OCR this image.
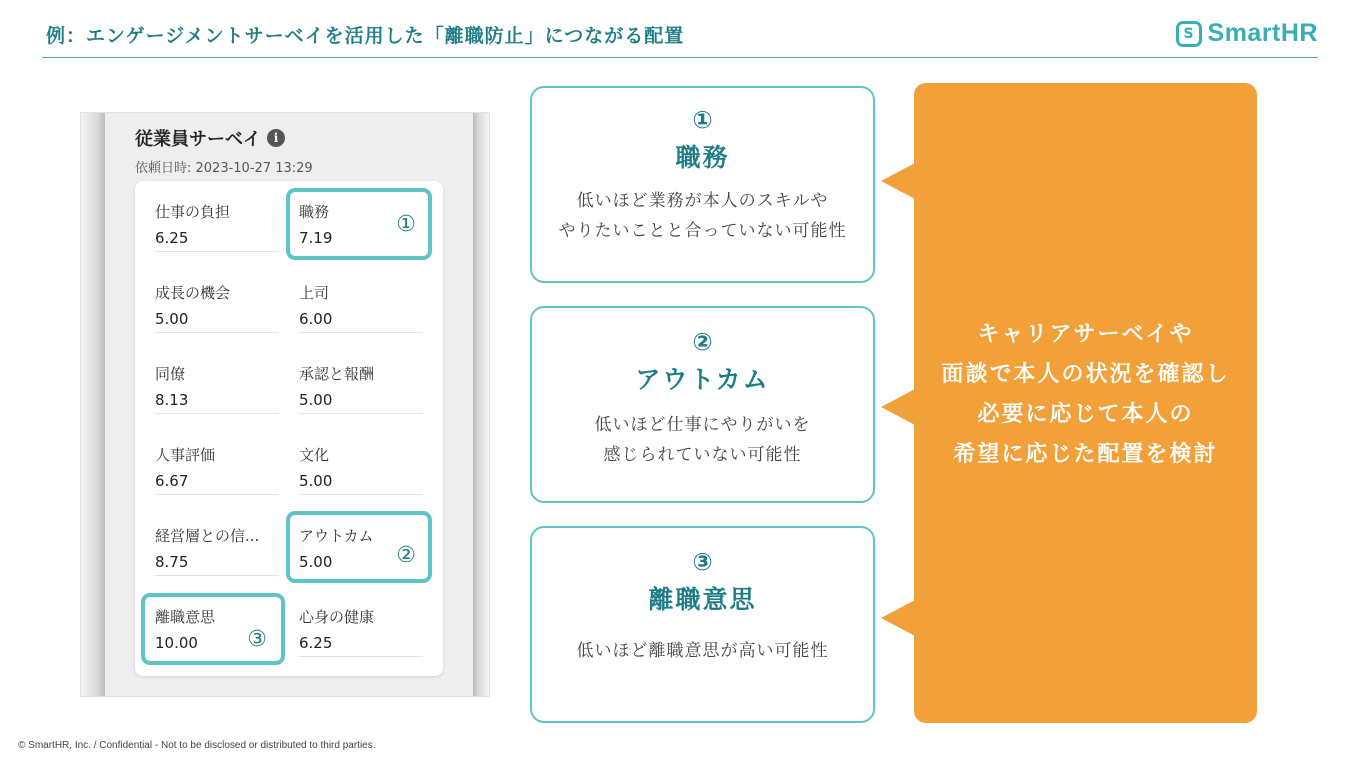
例：エンゲージメントサーベイを活用した「離職防止」につながる配置	S SmartHR
従業員サーベイ	i
依頼日時: 2023-10-27 13:29
仕事の負担
6.25
職務
7.19
成長の機会
5.00
上司
6.00
同僚
8.13
承認と報酬
5.00
人事評価
6.67
文化
5.00
経営層との信...
8.75
アウトカム
5.00
離職意思
10.00
心身の健康
6.25
①
②
③
①
職務
低いほど業務が本人のスキルや
やりたいことと合っていない可能性
②
アウトカム
低いほど仕事にやりがいを
感じられていない可能性
③
離職意思
低いほど離職意思が高い可能性
キャリアサーベイや
面談で本人の状況を確認し
必要に応じて本人の
希望に応じた配置を検討
© SmartHR, Inc. / Confidential - Not to be disclosed or distributed to third parties.
